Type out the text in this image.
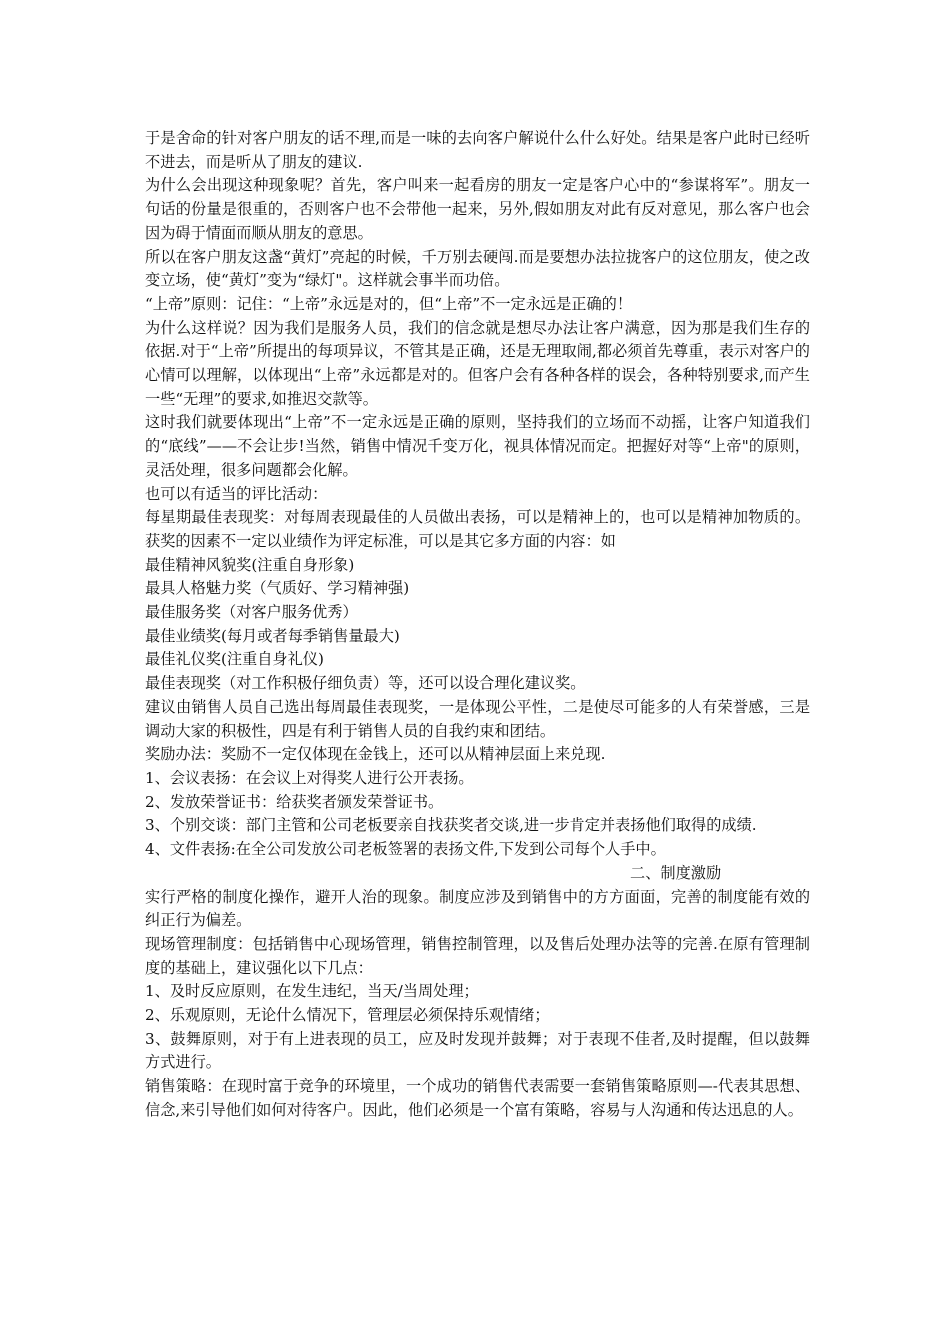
于是舍命的针对客户朋友的话不理,而是一味的去向客户解说什么什么好处。结果是客户此时已经听不进去，而是听从了朋友的建议.

为什么会出现这种现象呢？首先，客户叫来一起看房的朋友一定是客户心中的“参谋将军”。朋友一句话的份量是很重的，否则客户也不会带他一起来，另外,假如朋友对此有反对意见，那么客户也会因为碍于情面而顺从朋友的意思。

所以在客户朋友这盏“黄灯”亮起的时候，千万别去硬闯.而是要想办法拉拢客户的这位朋友，使之改变立场，使“黄灯”变为“绿灯"。这样就会事半而功倍。

“上帝”原则：记住：“上帝”永远是对的，但“上帝”不一定永远是正确的！

为什么这样说？因为我们是服务人员，我们的信念就是想尽办法让客户满意，因为那是我们生存的依据.对于“上帝”所提出的每项异议，不管其是正确，还是无理取闹,都必须首先尊重，表示对客户的心情可以理解，以体现出“上帝”永远都是对的。但客户会有各种各样的误会，各种特别要求,而产生一些“无理”的要求,如推迟交款等。

这时我们就要体现出“上帝”不一定永远是正确的原则，坚持我们的立场而不动摇，让客户知道我们的“底线”——不会让步!当然，销售中情况千变万化，视具体情况而定。把握好对等“上帝"的原则，灵活处理，很多问题都会化解。

也可以有适当的评比活动：

每星期最佳表现奖：对每周表现最佳的人员做出表扬，可以是精神上的，也可以是精神加物质的。获奖的因素不一定以业绩作为评定标准，可以是其它多方面的内容：如

最佳精神风貌奖(注重自身形象)

最具人格魅力奖（气质好、学习精神强)

最佳服务奖（对客户服务优秀）

最佳业绩奖(每月或者每季销售量最大)

最佳礼仪奖(注重自身礼仪)

最佳表现奖（对工作积极仔细负责）等，还可以设合理化建议奖。

建议由销售人员自己选出每周最佳表现奖，一是体现公平性，二是使尽可能多的人有荣誉感，三是调动大家的积极性，四是有利于销售人员的自我约束和团结。

奖励办法：奖励不一定仅体现在金钱上，还可以从精神层面上来兑现.

1、会议表扬：在会议上对得奖人进行公开表扬。

2、发放荣誉证书：给获奖者颁发荣誉证书。

3、个别交谈：部门主管和公司老板要亲自找获奖者交谈,进一步肯定并表扬他们取得的成绩.

4、文件表扬:在全公司发放公司老板签署的表扬文件,下发到公司每个人手中。

二、制度激励

实行严格的制度化操作，避开人治的现象。制度应涉及到销售中的方方面面，完善的制度能有效的纠正行为偏差。

现场管理制度：包括销售中心现场管理，销售控制管理，以及售后处理办法等的完善.在原有管理制度的基础上，建议强化以下几点：

1、及时反应原则，在发生违纪，当天/当周处理；

2、乐观原则，无论什么情况下，管理层必须保持乐观情绪；

3、鼓舞原则，对于有上进表现的员工，应及时发现并鼓舞；对于表现不佳者,及时提醒，但以鼓舞方式进行。

销售策略：在现时富于竞争的环境里，一个成功的销售代表需要一套销售策略原则—-代表其思想、信念,来引导他们如何对待客户。因此，他们必须是一个富有策略，容易与人沟通和传达迅息的人。
